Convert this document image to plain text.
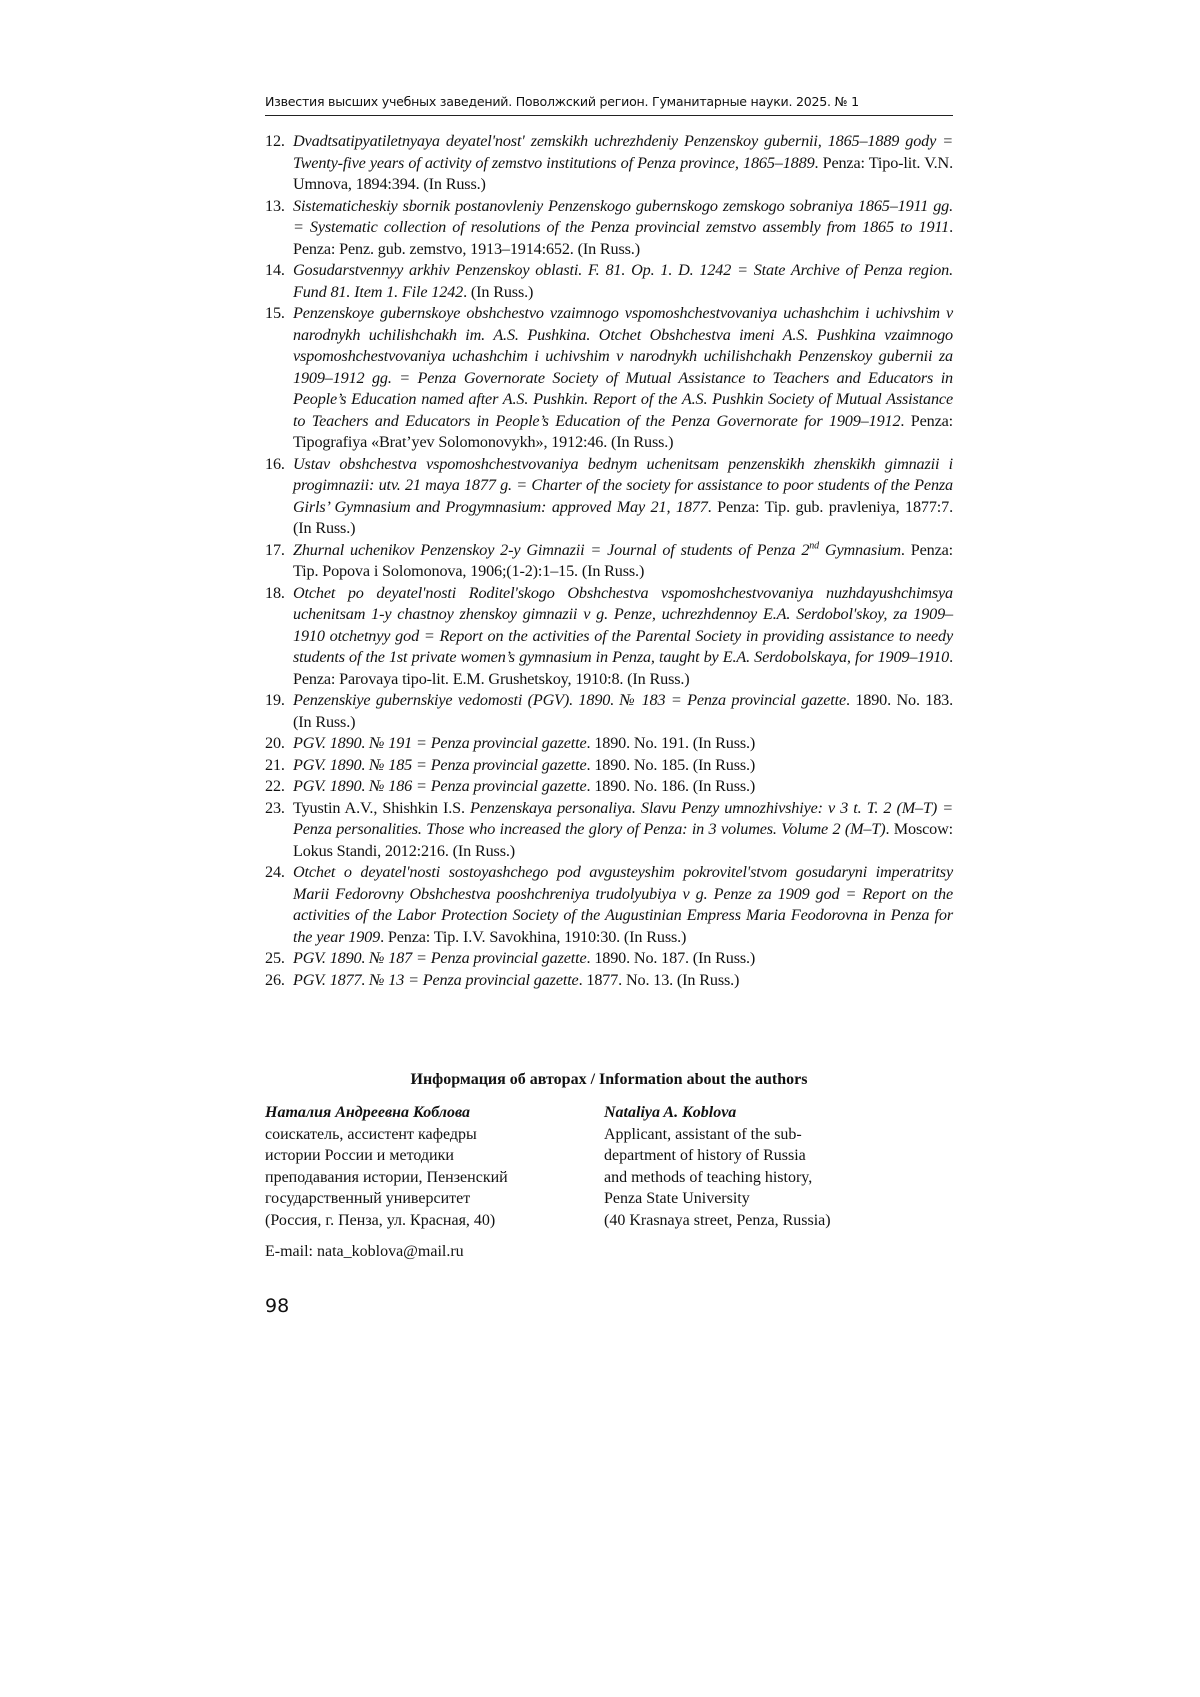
Известия высших учебных заведений. Поволжский регион. Гуманитарные науки. 2025. № 1
12. Dvadtsatipyatiletnyaya deyatel'nost' zemskikh uchrezhdeniy Penzenskoy gubernii, 1865–1889 gody = Twenty-five years of activity of zemstvo institutions of Penza province, 1865–1889. Penza: Tipo-lit. V.N. Umnova, 1894:394. (In Russ.)
13. Sistematicheskiy sbornik postanovleniy Penzenskogo gubernskogo zemskogo sobraniya 1865–1911 gg. = Systematic collection of resolutions of the Penza provincial zemstvo assembly from 1865 to 1911. Penza: Penz. gub. zemstvo, 1913–1914:652. (In Russ.)
14. Gosudarstvennyy arkhiv Penzenskoy oblasti. F. 81. Op. 1. D. 1242 = State Archive of Penza region. Fund 81. Item 1. File 1242. (In Russ.)
15. Penzenskoye gubernskoye obshchestvo vzaimnogo vspomoshchestvovaniya uchashchim i uchivshim v narodnykh uchilishchakh im. A.S. Pushkina. Otchet Obshchestva imeni A.S. Pushkina vzaimnogo vspomoshchestvovaniya uchashchim i uchivshim v narodnykh uchilishchakh Penzenskoy gubernii za 1909–1912 gg. = Penza Governorate Society of Mutual Assistance to Teachers and Educators in People’s Education named after A.S. Pushkin. Report of the A.S. Pushkin Society of Mutual Assistance to Teachers and Educators in People’s Education of the Penza Governorate for 1909–1912. Penza: Tipografiya «Brat’yev Solomonovykh», 1912:46. (In Russ.)
16. Ustav obshchestva vspomoshchestvovaniya bednym uchenitsam penzenskikh zhenskikh gimnazii i progimnazii: utv. 21 maya 1877 g. = Charter of the society for assistance to poor students of the Penza Girls’ Gymnasium and Progymnasium: approved May 21, 1877. Penza: Tip. gub. pravleniya, 1877:7. (In Russ.)
17. Zhurnal uchenikov Penzenskoy 2-y Gimnazii = Journal of students of Penza 2nd Gymnasium. Penza: Tip. Popova i Solomonova, 1906;(1-2):1–15. (In Russ.)
18. Otchet po deyatel'nosti Roditel'skogo Obshchestva vspomoshchestvovaniya nuzhdayushchimsya uchenitsam 1-y chastnoy zhenskoy gimnazii v g. Penze, uchrezhdennoy E.A. Serdobol'skoy, za 1909–1910 otchetnyy god = Report on the activities of the Parental Society in providing assistance to needy students of the 1st private women’s gymnasium in Penza, taught by E.A. Serdobolskaya, for 1909–1910. Penza: Parovaya tipo-lit. E.M. Grushetskoy, 1910:8. (In Russ.)
19. Penzenskiye gubernskiye vedomosti (PGV). 1890. № 183 = Penza provincial gazette. 1890. No. 183. (In Russ.)
20. PGV. 1890. № 191 = Penza provincial gazette. 1890. No. 191. (In Russ.)
21. PGV. 1890. № 185 = Penza provincial gazette. 1890. No. 185. (In Russ.)
22. PGV. 1890. № 186 = Penza provincial gazette. 1890. No. 186. (In Russ.)
23. Tyustin A.V., Shishkin I.S. Penzenskaya personaliya. Slavu Penzy umnozhivshiye: v 3 t. T. 2 (M–T) = Penza personalities. Those who increased the glory of Penza: in 3 volumes. Volume 2 (M–T). Moscow: Lokus Standi, 2012:216. (In Russ.)
24. Otchet o deyatel'nosti sostoyashchego pod avgusteyshim pokrovitel'stvom gosudaryni imperatritsy Marii Fedorovny Obshchestva pooshchreniya trudolyubiya v g. Penze za 1909 god = Report on the activities of the Labor Protection Society of the Augustinian Empress Maria Feodorovna in Penza for the year 1909. Penza: Tip. I.V. Savokhina, 1910:30. (In Russ.)
25. PGV. 1890. № 187 = Penza provincial gazette. 1890. No. 187. (In Russ.)
26. PGV. 1877. № 13 = Penza provincial gazette. 1877. No. 13. (In Russ.)
Информация об авторах / Information about the authors
Наталия Андреевна Коблова
соискатель, ассистент кафедры
истории России и методики
преподавания истории, Пензенский
государственный университет
(Россия, г. Пенза, ул. Красная, 40)
Nataliya A. Koblova
Applicant, assistant of the sub-
department of history of Russia
and methods of teaching history,
Penza State University
(40 Krasnaya street, Penza, Russia)
E-mail: nata_koblova@mail.ru
98
